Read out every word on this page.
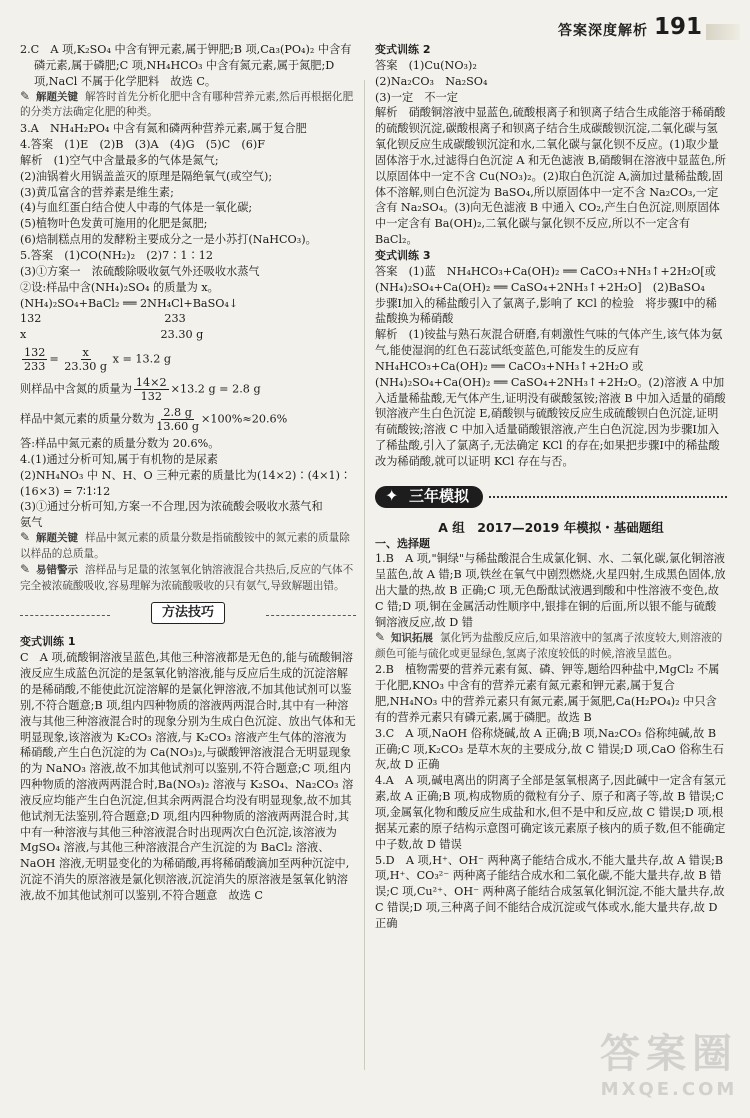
答案深度解析 191

2.C　A 项,K₂SO₄ 中含有钾元素,属于钾肥;B 项,Ca₃(PO₄)₂ 中含有

磷元素,属于磷肥;C 项,NH₄HCO₃ 中含有氮元素,属于氮肥;D

项,NaCl 不属于化学肥料　故选 C。

✎ 解题关键 解答时首先分析化肥中含有哪种营养元素,然后再根据化肥的分类方法确定化肥的种类。

3.A　NH₄H₂PO₄ 中含有氮和磷两种营养元素,属于复合肥

4.答案　(1)E　(2)B　(3)A　(4)G　(5)C　(6)F

解析　(1)空气中含量最多的气体是氮气;

(2)油锅着火用锅盖盖灭的原理是隔绝氧气(或空气);

(3)黄瓜富含的营养素是维生素;

(4)与血红蛋白结合使人中毒的气体是一氧化碳;

(5)植物叶色发黄可施用的化肥是氮肥;

(6)焙制糕点用的发酵粉主要成分之一是小苏打(NaHCO₃)。

5.答案　(1)CO(NH₂)₂　(2)7∶1∶12

(3)①方案一　浓硫酸除吸收氨气外还吸收水蒸气

②设:样品中含(NH₄)₂SO₄ 的质量为 x。

(NH₄)₂SO₄+BaCl₂ ══ 2NH₄Cl+BaSO₄↓

132　　　　　　　　　　　233

x　　　　　　　　　　　　23.30 g

$\frac{132}{233} = \frac{x}{23.30 g}$ x = 13.2 g

则样品中含氮的质量为 $\frac{14\times 2}{132} \times 13.2$ g = 2.8 g

样品中氮元素的质量分数为 $\frac{2.8 g}{13.60 g} \times 100\%\approx 20.6\%$

答:样品中氮元素的质量分数为 20.6%。

4.(1)通过分析可知,属于有机物的是尿素

(2)NH₄NO₃ 中 N、H、O 三种元素的质量比为(14×2)∶(4×1)∶

(16×3) = 7∶1∶12

(3)①通过分析可知,方案一不合理,因为浓硫酸会吸收水蒸气和

氨气

✎ 解题关键 样品中氮元素的质量分数是指硫酸铵中的氮元素的质量除以样品的总质量。

✎ 易错警示 溶样品与足量的浓氢氧化钠溶液混合共热后,反应的气体不完全被浓硫酸吸收,容易理解为浓硫酸吸收的只有氨气,导致解题出错。

方法技巧

变式训练 1

C　A 项,硫酸铜溶液呈蓝色,其他三种溶液都是无色的,能与硫酸铜溶液反应生成蓝色沉淀的是氢氧化钠溶液,能与反应后生成的沉淀溶解的是稀硝酸,不能使此沉淀溶解的是氯化钾溶液,不加其他试剂可以鉴别,不符合题意;B 项,组内四种物质的溶液两两混合时,其中有一种溶液与其他三种溶液混合时的现象分别为生成白色沉淀、放出气体和无明显现象,该溶液为 K₂CO₃ 溶液,与 K₂CO₃ 溶液产生气体的溶液为稀硝酸,产生白色沉淀的为 Ca(NO₃)₂,与碳酸钾溶液混合无明显现象的为 NaNO₃ 溶液,故不加其他试剂可以鉴别,不符合题意;C 项,组内四种物质的溶液两两混合时,Ba(NO₃)₂ 溶液与 K₂SO₄、Na₂CO₃ 溶液反应均能产生白色沉淀,但其余两两混合均没有明显现象,故不加其他试剂无法鉴别,符合题意;D 项,组内四种物质的溶液两两混合时,其中有一种溶液与其他三种溶液混合时出现两次白色沉淀,该溶液为 MgSO₄ 溶液,与其他三种溶液混合产生沉淀的为 BaCl₂ 溶液、NaOH 溶液,无明显变化的为稀硝酸,再将稀硝酸滴加至两种沉淀中,沉淀不消失的原溶液是氯化钡溶液,沉淀消失的原溶液是氢氧化钠溶液,故不加其他试剂可以鉴别,不符合题意　故选 C

变式训练 2

答案　(1)Cu(NO₃)₂

(2)Na₂CO₃　Na₂SO₄

(3)一定　不一定

解析　硝酸铜溶液中显蓝色,硫酸根离子和钡离子结合生成能溶于稀硝酸的硫酸钡沉淀,碳酸根离子和钡离子结合生成碳酸钡沉淀,二氧化碳与氢氧化钡反应生成碳酸钡沉淀和水,二氧化碳与氯化钡不反应。(1)取少量固体溶于水,过滤得白色沉淀 A 和无色滤液 B,硝酸铜在溶液中显蓝色,所以原固体中一定不含 Cu(NO₃)₂。(2)取白色沉淀 A,滴加过量稀盐酸,固体不溶解,则白色沉淀为 BaSO₄,所以原固体中一定不含 Na₂CO₃,一定含有 Na₂SO₄。(3)向无色滤液 B 中通入 CO₂,产生白色沉淀,则原固体中一定含有 Ba(OH)₂,二氧化碳与氯化钡不反应,所以不一定含有 BaCl₂。

变式训练 3

答案　(1)蓝　NH₄HCO₃+Ca(OH)₂ ══ CaCO₃+NH₃↑+2H₂O[或(NH₄)₂SO₄+Ca(OH)₂ ══ CaSO₄+2NH₃↑+2H₂O]　(2)BaSO₄　步骤Ⅰ加入的稀盐酸引入了氯离子,影响了 KCl 的检验　将步骤Ⅰ中的稀盐酸换为稀硝酸

解析　(1)铵盐与熟石灰混合研磨,有刺激性气味的气体产生,该气体为氨气,能使湿润的红色石蕊试纸变蓝色,可能发生的反应有 NH₄HCO₃+Ca(OH)₂ ══ CaCO₃+NH₃↑+2H₂O 或(NH₄)₂SO₄+Ca(OH)₂ ══ CaSO₄+2NH₃↑+2H₂O。(2)溶液 A 中加入适量稀盐酸,无气体产生,证明没有碳酸氢铵;溶液 B 中加入适量的硝酸钡溶液产生白色沉淀 E,硝酸钡与硫酸铵反应生成硫酸钡白色沉淀,证明有硫酸铵;溶液 C 中加入适量硝酸银溶液,产生白色沉淀,因为步骤Ⅰ加入了稀盐酸,引入了氯离子,无法确定 KCl 的存在;如果把步骤Ⅰ中的稀盐酸改为稀硝酸,就可以证明 KCl 存在与否。

✦ 三年模拟

A 组　2017—2019 年模拟・基础题组

一、选择题

1.B　A 项,"铜绿"与稀盐酸混合生成氯化铜、水、二氧化碳,氯化铜溶液呈蓝色,故 A 错;B 项,铁丝在氧气中剧烈燃烧,火星四射,生成黑色固体,放出大量的热,故 B 正确;C 项,无色酚酞试液遇到酸和中性溶液不变色,故 C 错;D 项,铜在金属活动性顺序中,银排在铜的后面,所以银不能与硫酸铜溶液反应,故 D 错

✎ 知识拓展 氯化钙为盐酸反应后,如果溶液中的氢离子浓度较大,则溶液的颜色可能与硫化或更显绿色,氢离子浓度较低的时候,溶液呈蓝色。

2.B　植物需要的营养元素有氮、磷、钾等,题给四种盐中,MgCl₂ 不属于化肥,KNO₃ 中含有的营养元素有氮元素和钾元素,属于复合肥,NH₄NO₃ 中的营养元素只有氮元素,属于氮肥,Ca(H₂PO₄)₂ 中只含有的营养元素只有磷元素,属于磷肥。故选 B

3.C　A 项,NaOH 俗称烧碱,故 A 正确;B 项,Na₂CO₃ 俗称纯碱,故 B 正确;C 项,K₂CO₃ 是草木灰的主要成分,故 C 错误;D 项,CaO 俗称生石灰,故 D 正确

4.A　A 项,碱电离出的阴离子全部是氢氧根离子,因此碱中一定含有氢元素,故 A 正确;B 项,构成物质的微粒有分子、原子和离子等,故 B 错误;C 项,金属氧化物和酸反应生成盐和水,但不是中和反应,故 C 错误;D 项,根据某元素的原子结构示意图可确定该元素原子核内的质子数,但不能确定中子数,故 D 错误

5.D　A 项,H⁺、OH⁻ 两种离子能结合成水,不能大量共存,故 A 错误;B 项,H⁺、CO₃²⁻ 两种离子能结合成水和二氧化碳,不能大量共存,故 B 错误;C 项,Cu²⁺、OH⁻ 两种离子能结合成氢氧化铜沉淀,不能大量共存,故 C 错误;D 项,三种离子间不能结合成沉淀或气体或水,能大量共存,故 D 正确

答案圈
MXQE.COM
